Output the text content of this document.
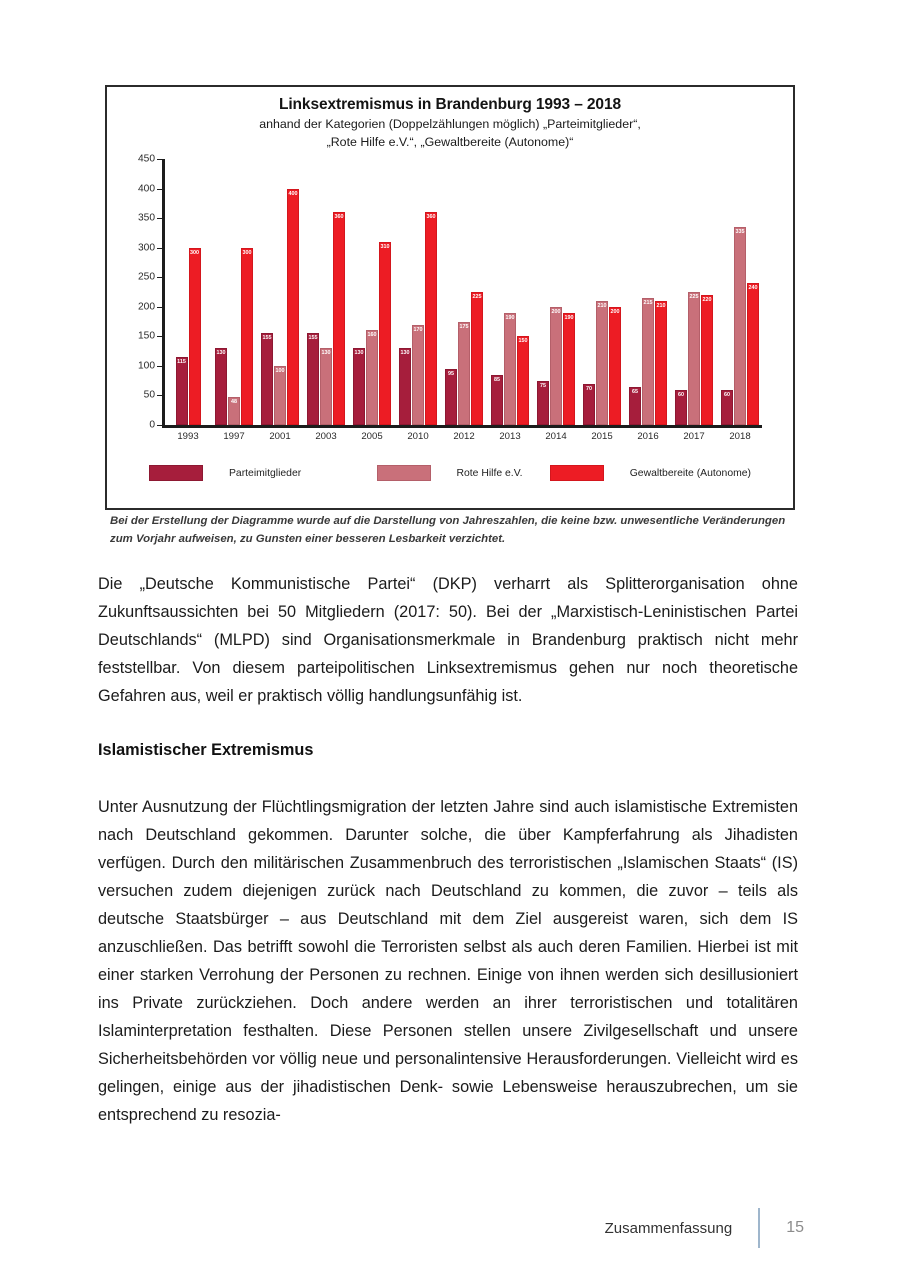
Linksextremismus in Brandenburg 1993 – 2018
anhand der Kategorien (Doppelzählungen möglich) „Parteimitglieder“,
„Rote Hilfe e.V.“, „Gewaltbereite (Autonome)“
0
50
100
150
200
250
300
350
400
450
115
300
130
48
300
155
100
400
155
130
360
130
160
310
130
170
360
95
175
225
85
190
150
75
200
190
70
210
200
65
215 210
60
225 220
60
335
240
1993	1997	2001	2003	2005	2010	2012	2013	2014	2015	2016	2017	2018
Parteimitglieder	Rote Hilfe e.V.	Gewaltbereite (Autonome)
Bei der Erstellung der Diagramme wurde auf die Darstellung von Jahreszahlen, die keine bzw. unwesentliche Veränderungen zum Vorjahr aufweisen, zu Gunsten einer besseren Lesbarkeit verzichtet.

Die „Deutsche Kommunistische Partei“ (DKP) verharrt als Splitterorganisation ohne Zukunftsaussichten bei 50 Mitgliedern (2017: 50). Bei der „Marxistisch-Leninistischen Partei Deutschlands“ (MLPD) sind Organisationsmerkmale in Brandenburg praktisch nicht mehr feststellbar. Von diesem parteipolitischen Linksextremismus gehen nur noch theoretische Gefahren aus, weil er praktisch völlig handlungsunfähig ist.

Islamistischer Extremismus

Unter Ausnutzung der Flüchtlingsmigration der letzten Jahre sind auch islamistische Extremisten nach Deutschland gekommen. Darunter solche, die über Kampferfahrung als Jihadisten verfügen. Durch den militärischen Zusammenbruch des terroristischen „Islamischen Staats“ (IS) versuchen zudem diejenigen zurück nach Deutschland zu kommen, die zuvor – teils als deutsche Staatsbürger – aus Deutschland mit dem Ziel ausgereist waren, sich dem IS anzuschließen. Das betrifft sowohl die Terroristen selbst als auch deren Familien. Hierbei ist mit einer starken Verrohung der Personen zu rechnen. Einige von ihnen werden sich desillusioniert ins Private zurückziehen. Doch andere werden an ihrer terroristischen und totalitären Islaminterpretation festhalten. Diese Personen stellen unsere Zivilgesellschaft und unsere Sicherheitsbehörden vor völlig neue und personalintensive Herausforderungen. Vielleicht wird es gelingen, einige aus der jihadistischen Denk- sowie Lebensweise herauszubrechen, um sie entsprechend zu resozia-

Zusammenfassung	15
